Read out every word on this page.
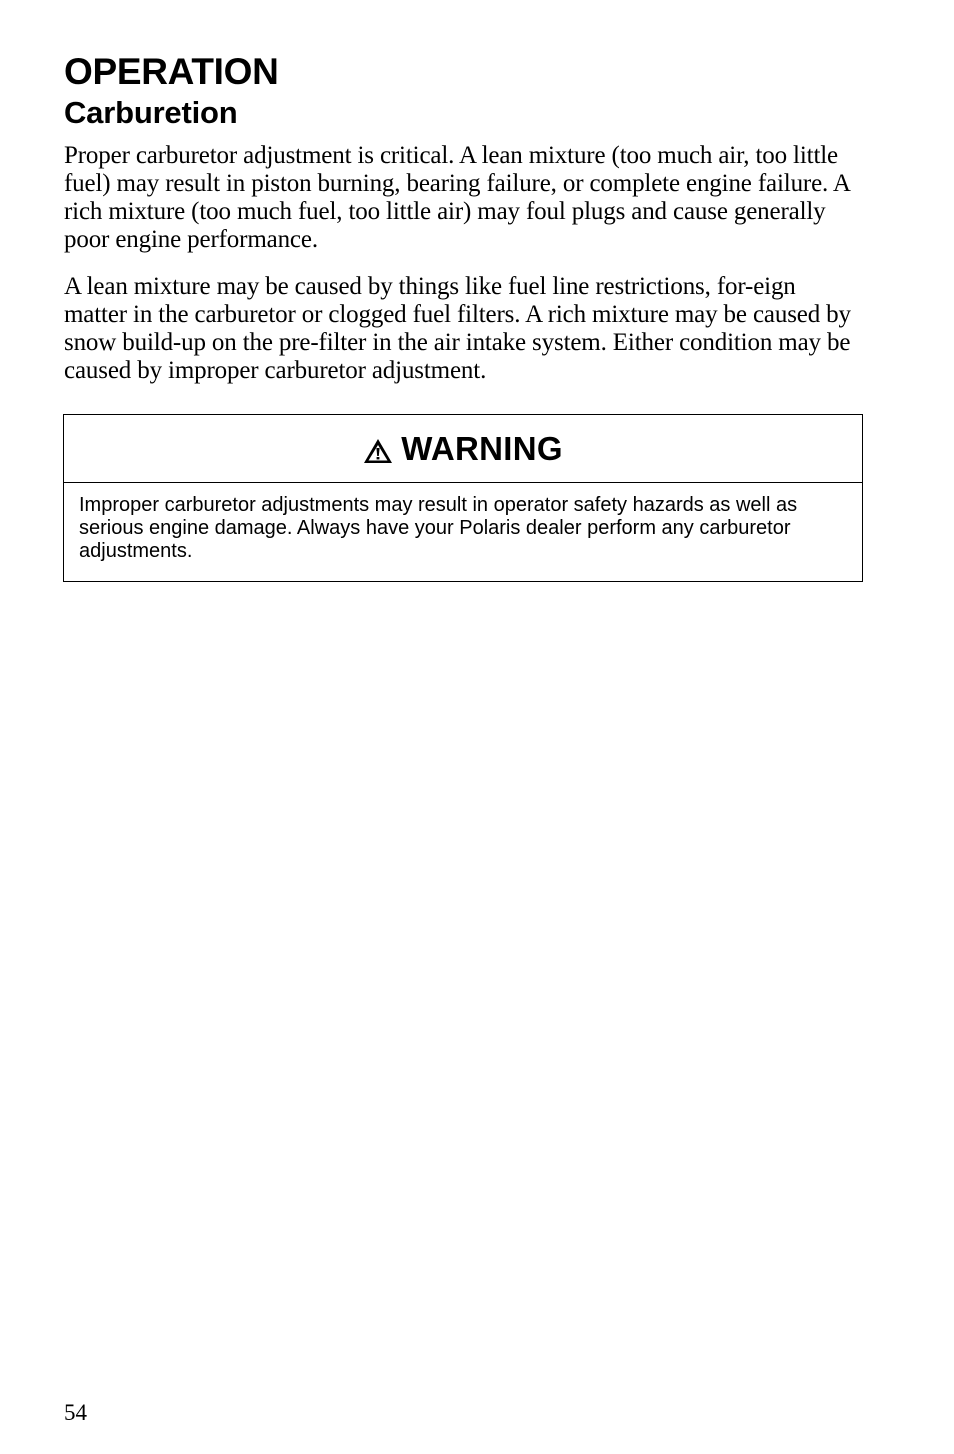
OPERATION
Carburetion

Proper carburetor adjustment is critical. A lean mixture (too much air, too little fuel) may result in piston burning, bearing failure, or complete engine failure. A rich mixture (too much fuel, too little air) may foul plugs and cause generally poor engine performance.

A lean mixture may be caused by things like fuel line restrictions, for-eign matter in the carburetor or clogged fuel filters. A rich mixture may be caused by snow build-up on the pre-filter in the air intake system. Either condition may be caused by improper carburetor adjustment.

WARNING

Improper carburetor adjustments may result in operator safety hazards as well as serious engine damage. Always have your Polaris dealer perform any carburetor adjustments.

54
